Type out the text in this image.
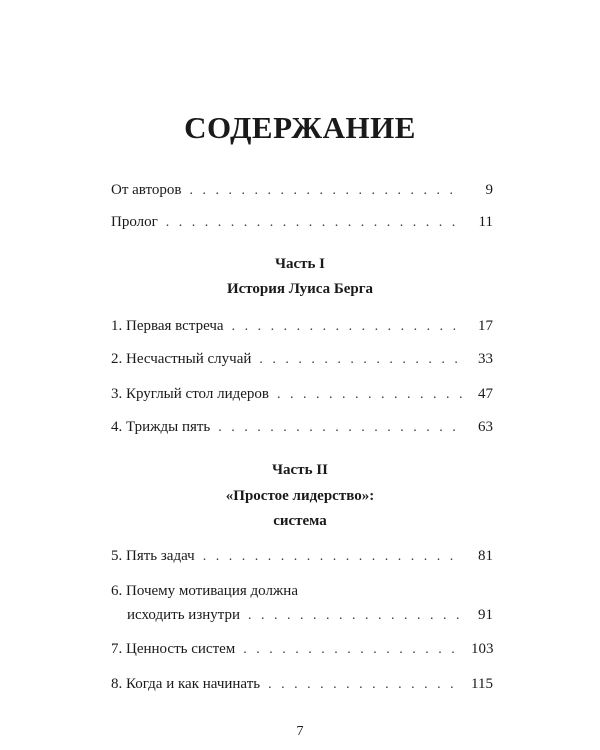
СОДЕРЖАНИЕ
От авторов . . .	9
Пролог . . .	11
Часть I
История Луиса Берга
1. Первая встреча . . .	17
2. Несчастный случай . . .	33
3. Круглый стол лидеров . . .	47
4. Трижды пять . . .	63
Часть II
«Простое лидерство»:
система
5. Пять задач . . .	81
6. Почему мотивация должна
исходить изнутри . . .	91
7. Ценность систем . . .	103
8. Когда и как начинать . . .	115
7
